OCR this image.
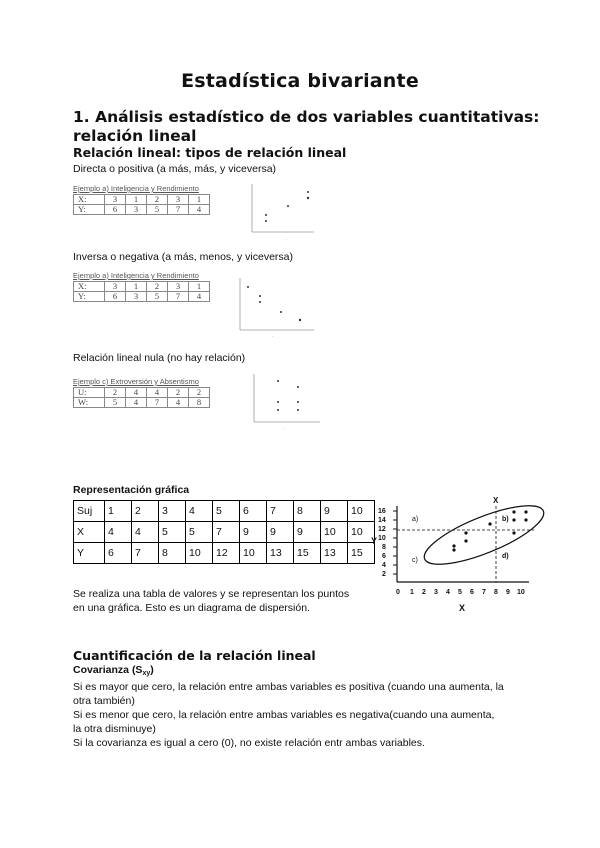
Estadística bivariante
1. Análisis estadístico de dos variables cuantitativas:
relación lineal
Relación lineal: tipos de relación lineal
Directa o positiva (a más, más, y viceversa)
Ejemplo a) Inteligencia y Rendimiento
X:	3	1	2	3	1
Y:	6	3	5	7	4
·
Inversa o negativa (a más, menos, y viceversa)
Ejemplo a) Inteligencia y Rendimiento
X:	3	1	2	3	1
Y:	6	3	5	7	4
·
Relación lineal nula (no hay relación)
Ejemplo c) Extroversión y Absentismo
U:	2	4	4	2	2
W:	5	4	7	4	8
·
Representación gráfica
Suj	1	2	3	4	5	6	7	8	9	10
X	4	4	5	5	7	9	9	9	10	10
Y	6	7	8	10	12	10	13	15	13	15
Se realiza una tabla de valores y se representan los puntos
en una gráfica. Esto es un diagrama de dispersión.
X
Y
X
16
14
12
10
8
6
4
2
0 1 2 3 4 5 6 7 8 9 10
a)	b)
c)
d)
Cuantificación de la relación lineal
Covarianza $(S_{xy})$
Si es mayor que cero, la relación entre ambas variables es positiva (cuando una aumenta, la
otra también)
Si es menor que cero, la relación entre ambas variables es negativa(cuando una aumenta,
la otra disminuye)
Si la covarianza es igual a cero (0), no existe relación entr ambas variables.
